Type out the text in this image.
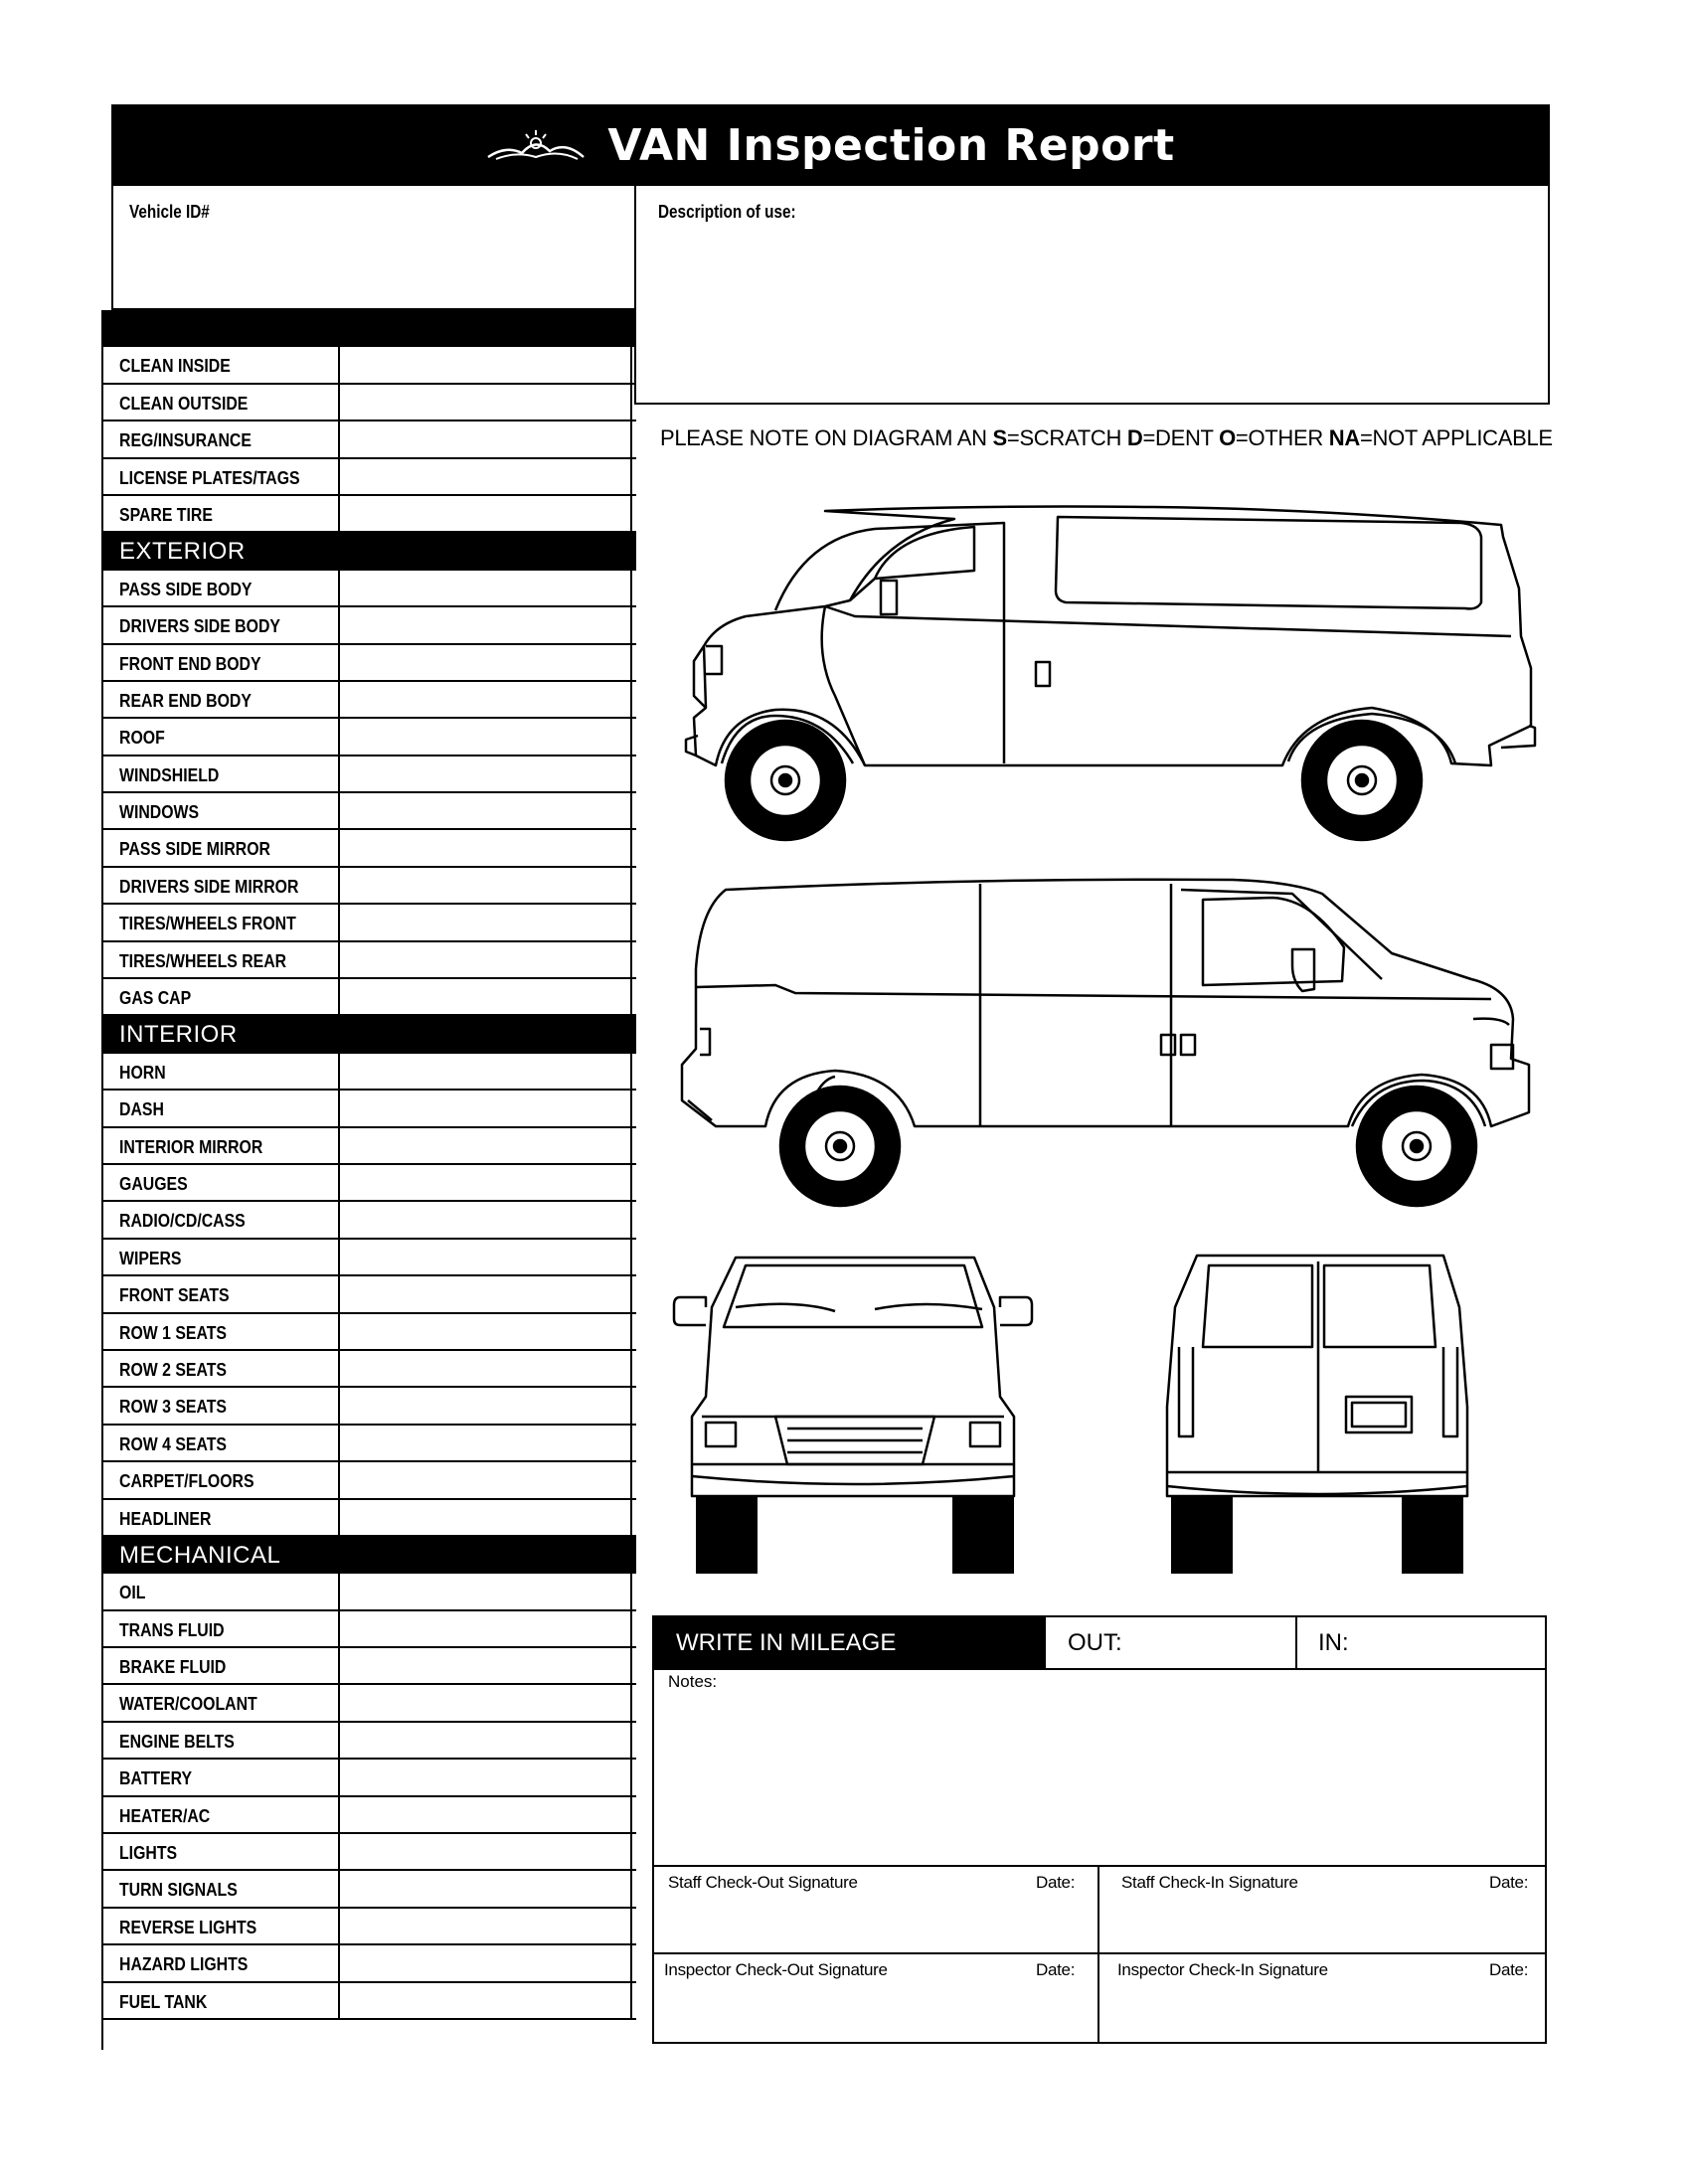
VAN Inspection Report
Vehicle ID#	Description of use:
CLEAN INSIDE
CLEAN OUTSIDE
REG/INSURANCE
LICENSE PLATES/TAGS
SPARE TIRE
EXTERIOR
PASS SIDE BODY
DRIVERS SIDE BODY
FRONT END BODY
REAR END BODY
ROOF
WINDSHIELD
WINDOWS
PASS SIDE MIRROR
DRIVERS SIDE MIRROR
TIRES/WHEELS FRONT
TIRES/WHEELS REAR
GAS CAP
INTERIOR
HORN
DASH
INTERIOR MIRROR
GAUGES
RADIO/CD/CASS
WIPERS
FRONT SEATS
ROW 1 SEATS
ROW 2 SEATS
ROW 3 SEATS
ROW 4 SEATS
CARPET/FLOORS
HEADLINER
MECHANICAL
OIL
TRANS FLUID
BRAKE FLUID
WATER/COOLANT
ENGINE BELTS
BATTERY
HEATER/AC
LIGHTS
TURN SIGNALS
REVERSE LIGHTS
HAZARD LIGHTS
FUEL TANK
PLEASE NOTE ON DIAGRAM AN S=SCRATCH D=DENT O=OTHER NA=NOT APPLICABLE
WRITE IN MILEAGE	OUT:	IN:
Notes:
Staff Check-Out Signature	Date:	Staff Check-In Signature	Date:
Inspector Check-Out Signature	Date:	Inspector Check-In Signature	Date:
